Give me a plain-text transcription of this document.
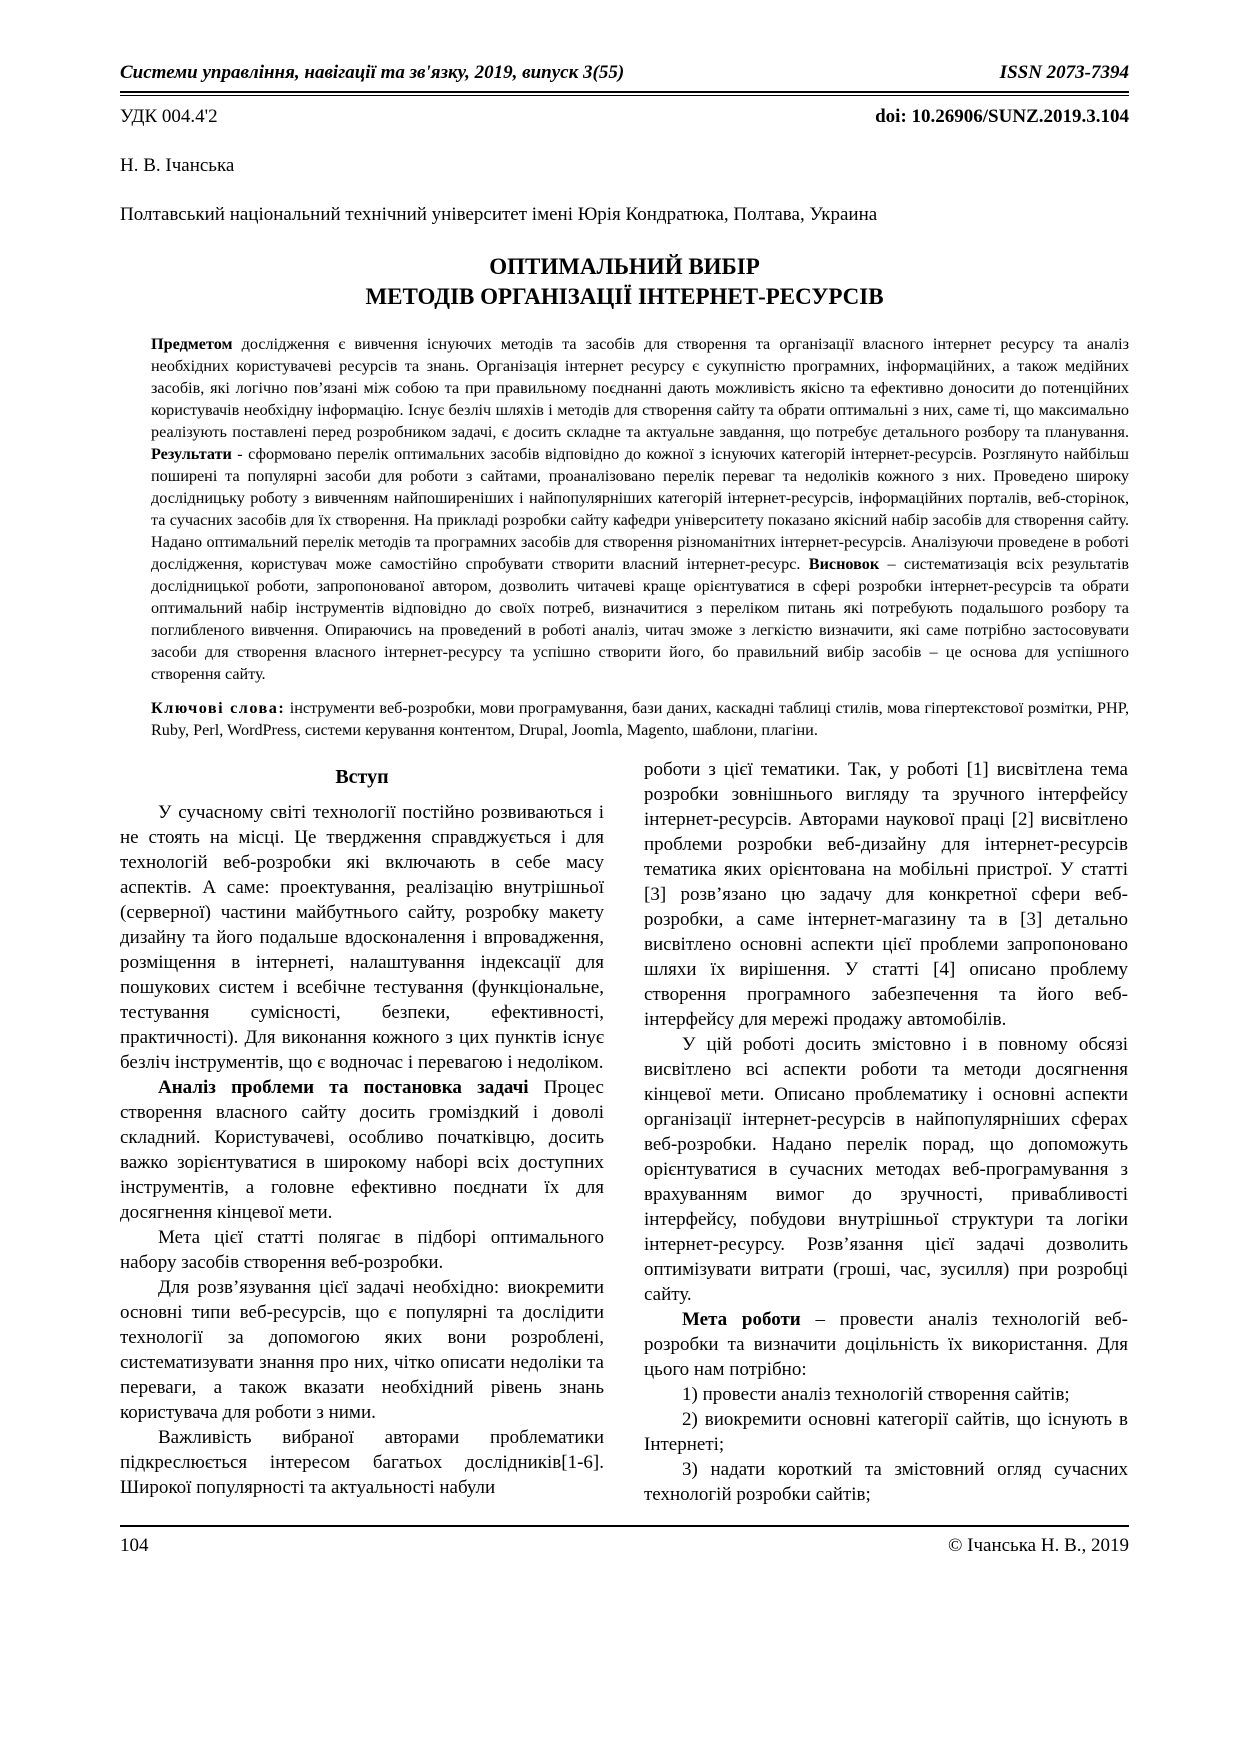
Системи управління, навігації та зв'язку, 2019, випуск 3(55)	ISSN 2073-7394
УДК 004.4'2	doi: 10.26906/SUNZ.2019.3.104
Н. В. Ічанська
Полтавський національний технічний університет імені Юрія Кондратюка, Полтава, Украина
ОПТИМАЛЬНИЙ ВИБІР
МЕТОДІВ ОРГАНІЗАЦІЇ ІНТЕРНЕТ-РЕСУРСІВ

Предметом дослідження є вивчення існуючих методів та засобів для створення та організації власного інтернет ресурсу та аналіз необхідних користувачеві ресурсів та знань. Організація інтернет ресурсу є сукупністю програмних, інформаційних, а також медійних засобів, які логічно пов’язані між собою та при правильному поєднанні дають можливість якісно та ефективно доносити до потенційних користувачів необхідну інформацію. Існує безліч шляхів і методів для створення сайту та обрати оптимальні з них, саме ті, що максимально реалізують поставлені перед розробником задачі, є досить складне та актуальне завдання, що потребує детального розбору та планування. Результати - сформовано перелік оптимальних засобів відповідно до кожної з існуючих категорій інтернет-ресурсів. Розглянуто найбільш поширені та популярні засоби для роботи з сайтами, проаналізовано перелік переваг та недоліків кожного з них. Проведено широку дослідницьку роботу з вивченням найпоширеніших і найпопулярніших категорій інтернет-ресурсів, інформаційних порталів, веб-сторінок, та сучасних засобів для їх створення. На прикладі розробки сайту кафедри університету показано якісний набір засобів для створення сайту. Надано оптимальний перелік методів та програмних засобів для створення різноманітних інтернет-ресурсів. Аналізуючи проведене в роботі дослідження, користувач може самостійно спробувати створити власний інтернет-ресурс. Висновок – систематизація всіх результатів дослідницької роботи, запропонованої автором, дозволить читачеві краще орієнтуватися в сфері розробки інтернет-ресурсів та обрати оптимальний набір інструментів відповідно до своїх потреб, визначитися з переліком питань які потребують подальшого розбору та поглибленого вивчення. Опираючись на проведений в роботі аналіз, читач зможе з легкістю визначити, які саме потрібно застосовувати засоби для створення власного інтернет-ресурсу та успішно створити його, бо правильний вибір засобів – це основа для успішного створення сайту.

Ключові слова: інструменти веб-розробки, мови програмування, бази даних, каскадні таблиці стилів, мова гіпертекстової розмітки, PHP, Ruby, Perl, WordPress, системи керування контентом, Drupal, Joomla, Magento, шаблони, плагіни.

Вступ

У сучасному світі технології постійно розвиваються і не стоять на місці. Це твердження справджується і для технологій веб-розробки які включають в себе масу аспектів. А саме: проектування, реалізацію внутрішньої (серверної) частини майбутнього сайту, розробку макету дизайну та його подальше вдосконалення і впровадження, розміщення в інтернеті, налаштування індексації для пошукових систем і всебічне тестування (функціональне, тестування сумісності, безпеки, ефективності, практичності). Для виконання кожного з цих пунктів існує безліч інструментів, що є водночас і перевагою і недоліком.

Аналіз проблеми та постановка задачі Процес створення власного сайту досить громіздкий і доволі складний. Користувачеві, особливо початківцю, досить важко зорієнтуватися в широкому наборі всіх доступних інструментів, а головне ефективно поєднати їх для досягнення кінцевої мети.

Мета цієї статті полягає в підборі оптимального набору засобів створення веб-розробки.

Для розв’язування цієї задачі необхідно: виокремити основні типи веб-ресурсів, що є популярні та дослідити технології за допомогою яких вони розроблені, систематизувати знання про них, чітко описати недоліки та переваги, а також вказати необхідний рівень знань користувача для роботи з ними.

Важливість вибраної авторами проблематики підкреслюється інтересом багатьох дослідників[1-6]. Широкої популярності та актуальності набули

роботи з цієї тематики. Так, у роботі [1] висвітлена тема розробки зовнішнього вигляду та зручного інтерфейсу інтернет-ресурсів. Авторами наукової праці [2] висвітлено проблеми розробки веб-дизайну для інтернет-ресурсів тематика яких орієнтована на мобільні пристрої. У статті [3] розв’язано цю задачу для конкретної сфери веб-розробки, а саме інтернет-магазину та в [3] детально висвітлено основні аспекти цієї проблеми запропоновано шляхи їх вирішення. У статті [4] описано проблему створення програмного забезпечення та його веб-інтерфейсу для мережі продажу автомобілів.

У цій роботі досить змістовно і в повному обсязі висвітлено всі аспекти роботи та методи досягнення кінцевої мети. Описано проблематику і основні аспекти організації інтернет-ресурсів в найпопулярніших сферах веб-розробки. Надано перелік порад, що допоможуть орієнтуватися в сучасних методах веб-програмування з врахуванням вимог до зручності, привабливості інтерфейсу, побудови внутрішньої структури та логіки інтернет-ресурсу. Розв’язання цієї задачі дозволить оптимізувати витрати (гроші, час, зусилля) при розробці сайту.

Мета роботи – провести аналіз технологій веб-розробки та визначити доцільність їх використання. Для цього нам потрібно:

1) провести аналіз технологій створення сайтів;

2) виокремити основні категорії сайтів, що існують в Інтернеті;

3) надати короткий та змістовний огляд сучасних технологій розробки сайтів;

104	© Ічанська Н. В., 2019
